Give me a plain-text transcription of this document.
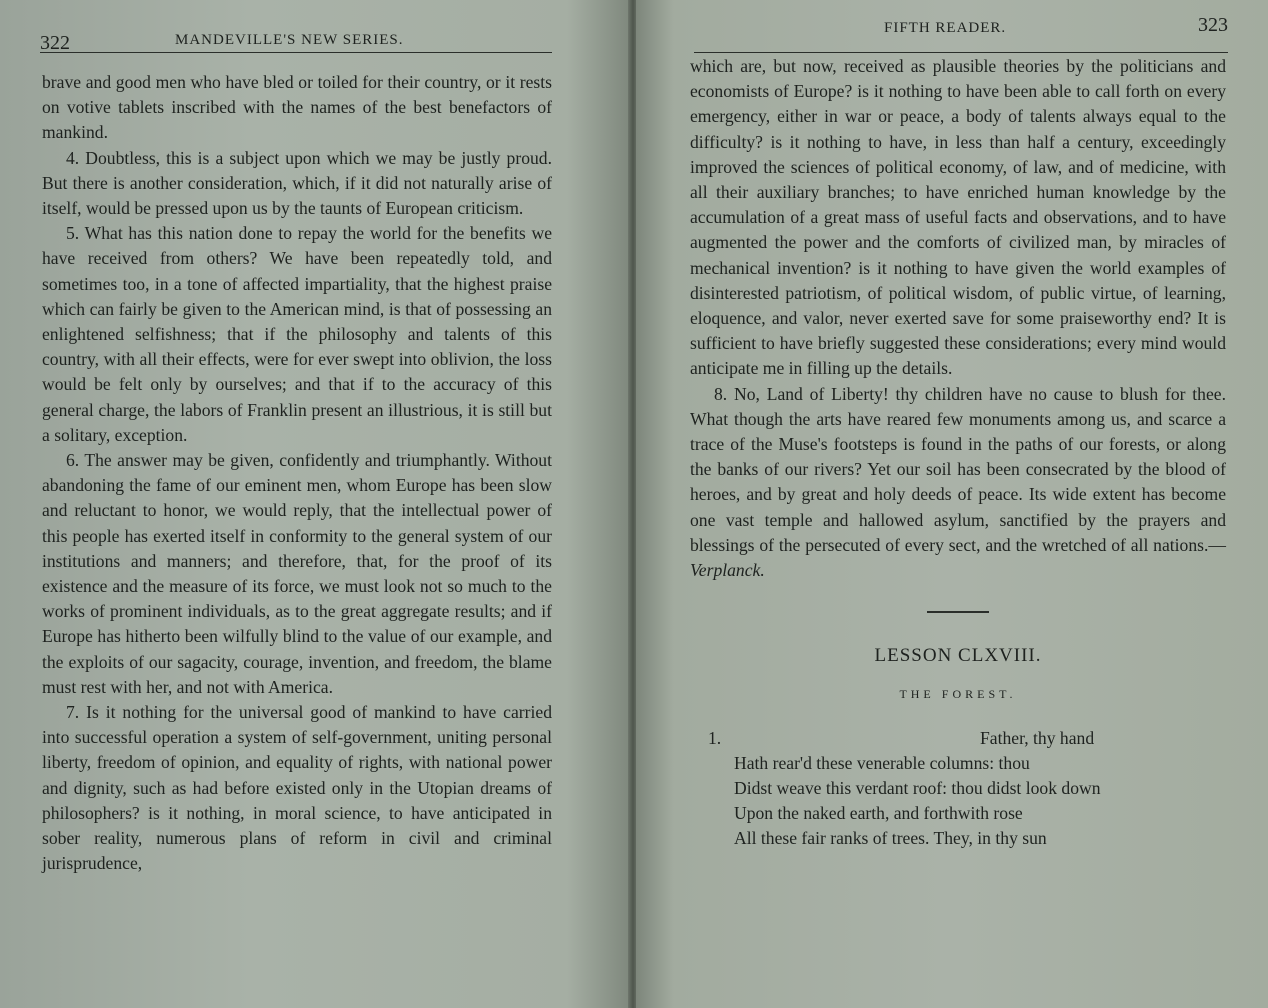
322	MANDEVILLE'S NEW SERIES.

brave and good men who have bled or toiled for their country, or it rests on votive tablets inscribed with the names of the best benefactors of mankind.

4. Doubtless, this is a subject upon which we may be justly proud. But there is another consideration, which, if it did not naturally arise of itself, would be pressed upon us by the taunts of European criticism.

5. What has this nation done to repay the world for the benefits we have received from others? We have been repeatedly told, and sometimes too, in a tone of affected impartiality, that the highest praise which can fairly be given to the American mind, is that of possessing an enlightened selfishness; that if the philosophy and talents of this country, with all their effects, were for ever swept into oblivion, the loss would be felt only by ourselves; and that if to the accuracy of this general charge, the labors of Franklin present an illustrious, it is still but a solitary, exception.

6. The answer may be given, confidently and triumphantly. Without abandoning the fame of our eminent men, whom Europe has been slow and reluctant to honor, we would reply, that the intellectual power of this people has exerted itself in conformity to the general system of our institutions and manners; and therefore, that, for the proof of its existence and the measure of its force, we must look not so much to the works of prominent individuals, as to the great aggregate results; and if Europe has hitherto been wilfully blind to the value of our example, and the exploits of our sagacity, courage, invention, and freedom, the blame must rest with her, and not with America.

7. Is it nothing for the universal good of mankind to have carried into successful operation a system of self-government, uniting personal liberty, freedom of opinion, and equality of rights, with national power and dignity, such as had before existed only in the Utopian dreams of philosophers? is it nothing, in moral science, to have anticipated in sober reality, numerous plans of reform in civil and criminal jurisprudence,

FIFTH READER.	323

which are, but now, received as plausible theories by the politicians and economists of Europe? is it nothing to have been able to call forth on every emergency, either in war or peace, a body of talents always equal to the difficulty? is it nothing to have, in less than half a century, exceedingly improved the sciences of political economy, of law, and of medicine, with all their auxiliary branches; to have enriched human knowledge by the accumulation of a great mass of useful facts and observations, and to have augmented the power and the comforts of civilized man, by miracles of mechanical invention? is it nothing to have given the world examples of disinterested patriotism, of political wisdom, of public virtue, of learning, eloquence, and valor, never exerted save for some praiseworthy end? It is sufficient to have briefly suggested these considerations; every mind would anticipate me in filling up the details.

8. No, Land of Liberty! thy children have no cause to blush for thee. What though the arts have reared few monuments among us, and scarce a trace of the Muse's footsteps is found in the paths of our forests, or along the banks of our rivers? Yet our soil has been consecrated by the blood of heroes, and by great and holy deeds of peace. Its wide extent has become one vast temple and hallowed asylum, sanctified by the prayers and blessings of the persecuted of every sect, and the wretched of all nations.—Verplanck.

LESSON CLXVIII.
THE FOREST.
1.	Father, thy hand
Hath rear'd these venerable columns: thou
Didst weave this verdant roof: thou didst look down
Upon the naked earth, and forthwith rose
All these fair ranks of trees. They, in thy sun
